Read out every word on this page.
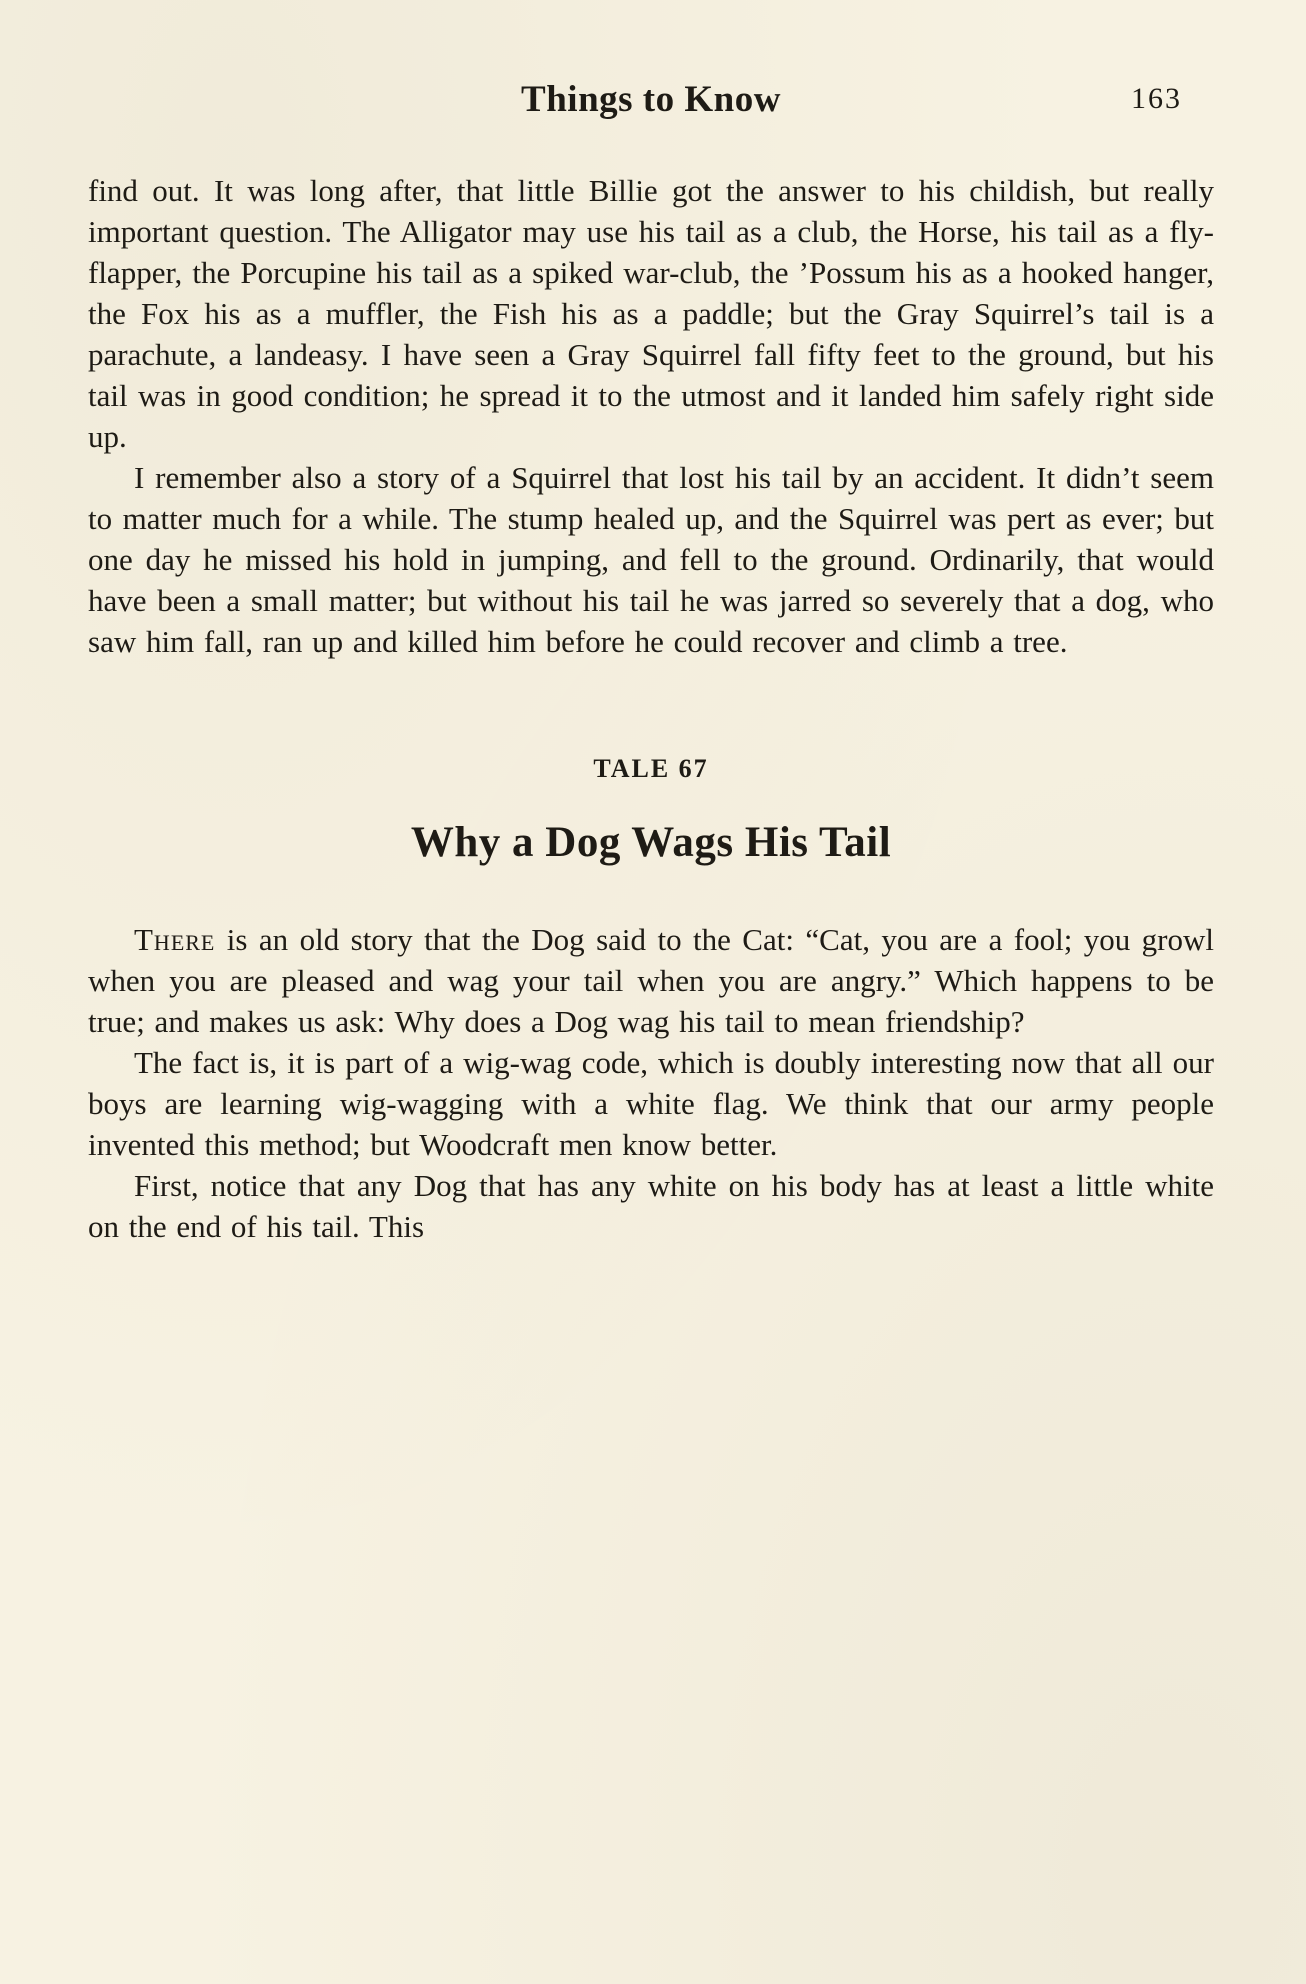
Things to Know	163

find out. It was long after, that little Billie got the answer to his childish, but really important question. The Alligator may use his tail as a club, the Horse, his tail as a fly-flapper, the Porcupine his tail as a spiked war-club, the ’Possum his as a hooked hanger, the Fox his as a muffler, the Fish his as a paddle; but the Gray Squirrel’s tail is a parachute, a landeasy. I have seen a Gray Squirrel fall fifty feet to the ground, but his tail was in good condition; he spread it to the utmost and it landed him safely right side up.

I remember also a story of a Squirrel that lost his tail by an accident. It didn’t seem to matter much for a while. The stump healed up, and the Squirrel was pert as ever; but one day he missed his hold in jumping, and fell to the ground. Ordinarily, that would have been a small matter; but without his tail he was jarred so severely that a dog, who saw him fall, ran up and killed him before he could recover and climb a tree.

TALE 67
Why a Dog Wags His Tail

There is an old story that the Dog said to the Cat: “Cat, you are a fool; you growl when you are pleased and wag your tail when you are angry.” Which happens to be true; and makes us ask: Why does a Dog wag his tail to mean friendship?

The fact is, it is part of a wig-wag code, which is doubly interesting now that all our boys are learning wig-wagging with a white flag. We think that our army people invented this method; but Woodcraft men know better.

First, notice that any Dog that has any white on his body has at least a little white on the end of his tail. This
